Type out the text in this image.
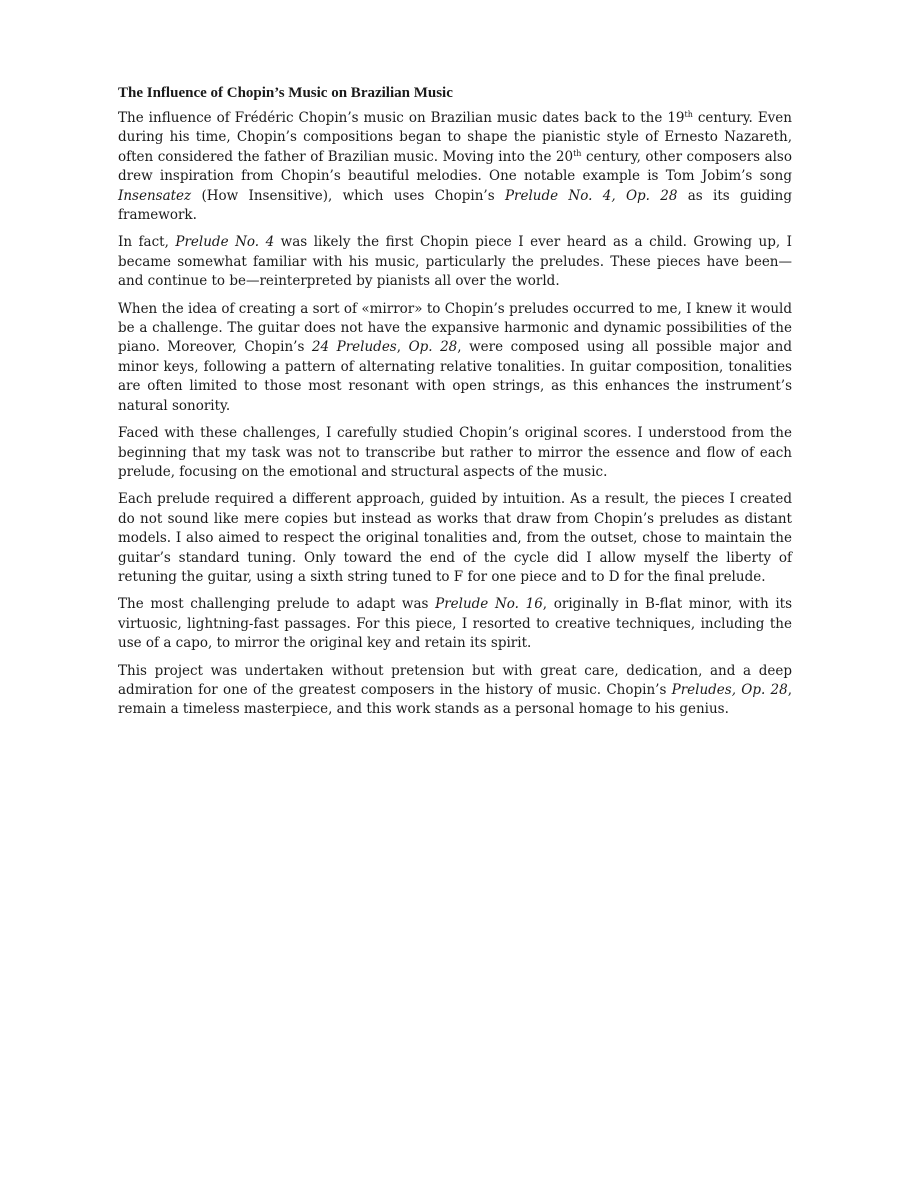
The Influence of Chopin’s Music on Brazilian Music

The influence of Frédéric Chopin’s music on Brazilian music dates back to the 19th century. Even during his time, Chopin’s compositions began to shape the pianistic style of Ernesto Nazareth, often considered the father of Brazilian music. Moving into the 20th century, other composers also drew inspiration from Chopin’s beautiful melodies. One notable example is Tom Jobim’s song Insensatez (How Insensitive), which uses Chopin’s Prelude No. 4, Op. 28 as its guiding framework.

In fact, Prelude No. 4 was likely the first Chopin piece I ever heard as a child. Growing up, I became somewhat familiar with his music, particularly the preludes. These pieces have been—and continue to be—reinterpreted by pianists all over the world.

When the idea of creating a sort of «mirror» to Chopin’s preludes occurred to me, I knew it would be a challenge. The guitar does not have the expansive harmonic and dynamic possibilities of the piano. Moreover, Chopin’s 24 Preludes, Op. 28, were composed using all possible major and minor keys, following a pattern of alternating relative tonalities. In guitar composition, tonalities are often limited to those most resonant with open strings, as this enhances the instrument’s natural sonority.

Faced with these challenges, I carefully studied Chopin’s original scores. I understood from the beginning that my task was not to transcribe but rather to mirror the essence and flow of each prelude, focusing on the emotional and structural aspects of the music.

Each prelude required a different approach, guided by intuition. As a result, the pieces I created do not sound like mere copies but instead as works that draw from Chopin’s preludes as distant models. I also aimed to respect the original tonalities and, from the outset, chose to maintain the guitar’s standard tuning. Only toward the end of the cycle did I allow myself the liberty of retuning the guitar, using a sixth string tuned to F for one piece and to D for the final prelude.

The most challenging prelude to adapt was Prelude No. 16, originally in B-flat minor, with its virtuosic, lightning-fast passages. For this piece, I resorted to creative techniques, including the use of a capo, to mirror the original key and retain its spirit.

This project was undertaken without pretension but with great care, dedication, and a deep admiration for one of the greatest composers in the history of music. Chopin’s Preludes, Op. 28, remain a timeless masterpiece, and this work stands as a personal homage to his genius.
